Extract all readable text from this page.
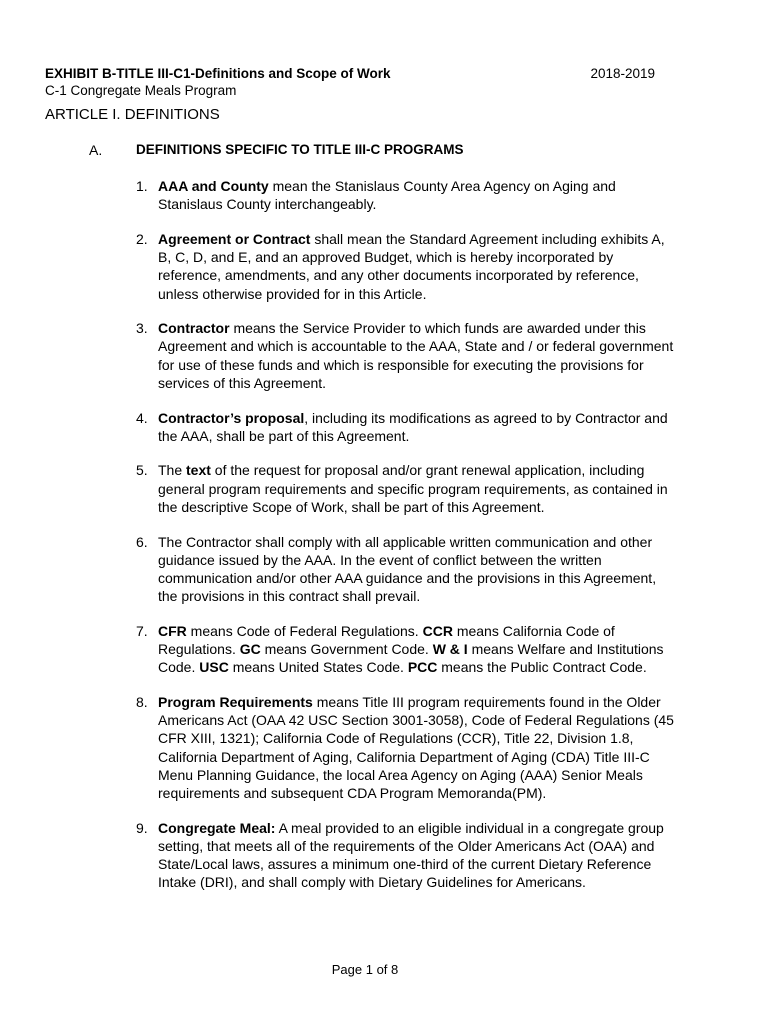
EXHIBIT B-TITLE III-C1-Definitions and Scope of Work	2018-2019
C-1 Congregate Meals Program
ARTICLE I. DEFINITIONS
A.	DEFINITIONS SPECIFIC TO TITLE III-C PROGRAMS
1. AAA and County mean the Stanislaus County Area Agency on Aging and Stanislaus County interchangeably.
2. Agreement or Contract shall mean the Standard Agreement including exhibits A, B, C, D, and E, and an approved Budget, which is hereby incorporated by reference, amendments, and any other documents incorporated by reference, unless otherwise provided for in this Article.
3. Contractor means the Service Provider to which funds are awarded under this Agreement and which is accountable to the AAA, State and / or federal government for use of these funds and which is responsible for executing the provisions for services of this Agreement.
4. Contractor’s proposal, including its modifications as agreed to by Contractor and the AAA, shall be part of this Agreement.
5. The text of the request for proposal and/or grant renewal application, including general program requirements and specific program requirements, as contained in the descriptive Scope of Work, shall be part of this Agreement.
6. The Contractor shall comply with all applicable written communication and other guidance issued by the AAA. In the event of conflict between the written communication and/or other AAA guidance and the provisions in this Agreement, the provisions in this contract shall prevail.
7. CFR means Code of Federal Regulations. CCR means California Code of Regulations. GC means Government Code. W & I means Welfare and Institutions Code. USC means United States Code. PCC means the Public Contract Code.
8. Program Requirements means Title III program requirements found in the Older Americans Act (OAA 42 USC Section 3001-3058), Code of Federal Regulations (45 CFR XIII, 1321); California Code of Regulations (CCR), Title 22, Division 1.8, California Department of Aging, California Department of Aging (CDA) Title III-C Menu Planning Guidance, the local Area Agency on Aging (AAA) Senior Meals requirements and subsequent CDA Program Memoranda(PM).
9. Congregate Meal: A meal provided to an eligible individual in a congregate group setting, that meets all of the requirements of the Older Americans Act (OAA) and State/Local laws, assures a minimum one-third of the current Dietary Reference Intake (DRI), and shall comply with Dietary Guidelines for Americans.
Page 1 of 8
